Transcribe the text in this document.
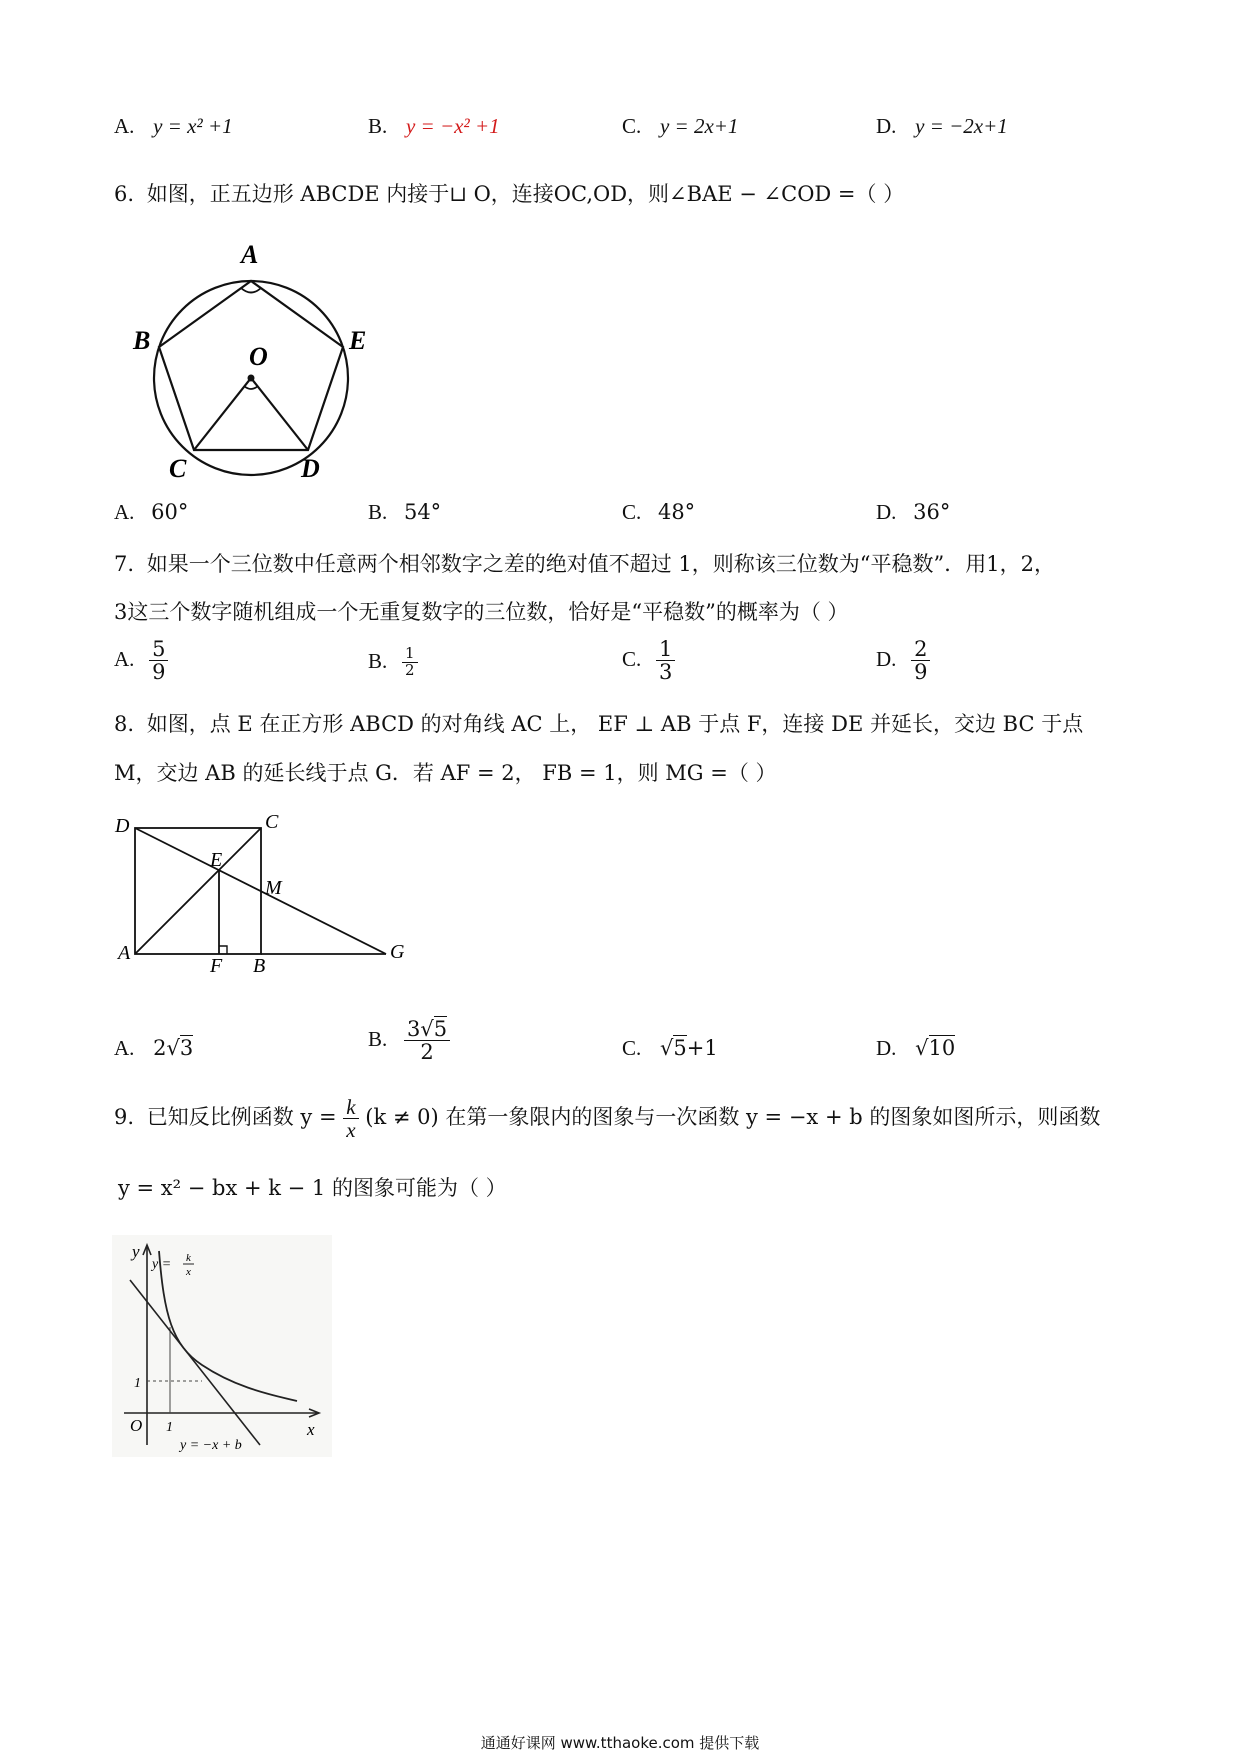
A. y = x² +1	B. y = −x² +1	C. y = 2x+1	D. y = −2x+1
6. 如图，正五边形 ABCDE 内接于⊔ O，连接OC,OD，则∠BAE − ∠COD =（ ）
A
B	E
O
C	D
A. 60°	B. 54°	C. 48°	D. 36°
7. 如果一个三位数中任意两个相邻数字之差的绝对值不超过 1，则称该三位数为“平稳数”．用1，2，
3这三个数字随机组成一个无重复数字的三位数，恰好是“平稳数”的概率为（ ）
A. $\frac{5}{9}$	B. $\frac{1}{2}$	C. $\frac{1}{3}$	D. $\frac{2}{9}$
8. 如图，点 E 在正方形 ABCD 的对角线 AC 上， EF ⊥ AB 于点 F，连接 DE 并延长，交边 BC 于点
M，交边 AB 的延长线于点 G．若 AF = 2， FB = 1，则 MG =（ ）
D	C
E
M
A
F B
G
A. 2√3	B. $\frac{3√5}{2}$	C. √5+1	D. √10
9. 已知反比例函数 $y = \frac{k}{x} (k \ne 0)$ 在第一象限内的图象与一次函数 y = −x + b 的图象如图所示，则函数
y = x² − bx + k − 1 的图象可能为（ ）
y
x
O
1
1
y = k
x
y = −x + b
通通好课网 www.tthaoke.com 提供下载
